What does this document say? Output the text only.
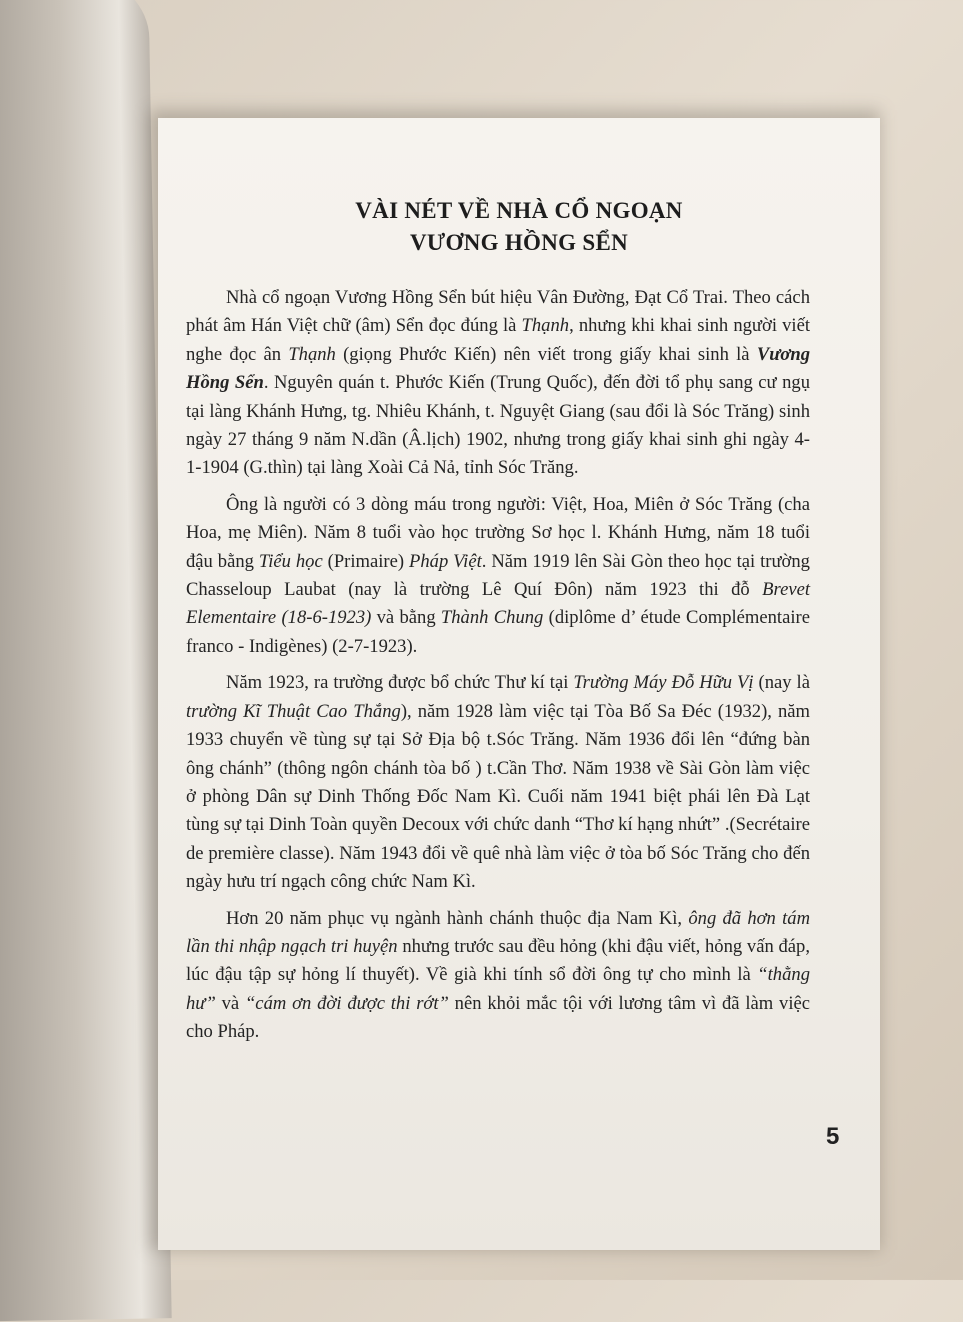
VÀI NÉT VỀ NHÀ CỔ NGOẠN
VƯƠNG HỒNG SỂN

Nhà cổ ngoạn Vương Hồng Sển bút hiệu Vân Đường, Đạt Cổ Trai. Theo cách phát âm Hán Việt chữ (âm) Sển đọc đúng là Thạnh, nhưng khi khai sinh người viết nghe đọc ân Thạnh (giọng Phước Kiến) nên viết trong giấy khai sinh là Vương Hồng Sển. Nguyên quán t. Phước Kiến (Trung Quốc), đến đời tổ phụ sang cư ngụ tại làng Khánh Hưng, tg. Nhiêu Khánh, t. Nguyệt Giang (sau đổi là Sóc Trăng) sinh ngày 27 tháng 9 năm N.dần (Â.lịch) 1902, nhưng trong giấy khai sinh ghi ngày 4-1-1904 (G.thìn) tại làng Xoài Cả Nả, tỉnh Sóc Trăng.

Ông là người có 3 dòng máu trong người: Việt, Hoa, Miên ở Sóc Trăng (cha Hoa, mẹ Miên). Năm 8 tuổi vào học trường Sơ học l. Khánh Hưng, năm 18 tuổi đậu bằng Tiểu học (Primaire) Pháp Việt. Năm 1919 lên Sài Gòn theo học tại trường Chasseloup Laubat (nay là trường Lê Quí Đôn) năm 1923 thi đỗ Brevet Elementaire (18-6-1923) và bằng Thành Chung (diplôme d’ étude Complémentaire franco - Indigènes) (2-7-1923).

Năm 1923, ra trường được bổ chức Thư kí tại Trường Máy Đỗ Hữu Vị (nay là trường Kĩ Thuật Cao Thắng), năm 1928 làm việc tại Tòa Bố Sa Đéc (1932), năm 1933 chuyển về tùng sự tại Sở Địa bộ t.Sóc Trăng. Năm 1936 đổi lên “đứng bàn ông chánh” (thông ngôn chánh tòa bố ) t.Cần Thơ. Năm 1938 về Sài Gòn làm việc ở phòng Dân sự Dinh Thống Đốc Nam Kì. Cuối năm 1941 biệt phái lên Đà Lạt tùng sự tại Dinh Toàn quyền Decoux với chức danh “Thơ kí hạng nhứt” .(Secrétaire de première classe). Năm 1943 đổi về quê nhà làm việc ở tòa bố Sóc Trăng cho đến ngày hưu trí ngạch công chức Nam Kì.

Hơn 20 năm phục vụ ngành hành chánh thuộc địa Nam Kì, ông đã hơn tám lần thi nhập ngạch tri huyện nhưng trước sau đều hỏng (khi đậu viết, hỏng vấn đáp, lúc đậu tập sự hỏng lí thuyết). Về già khi tính sổ đời ông tự cho mình là “thằng hư” và “cám ơn đời được thi rớt” nên khỏi mắc tội với lương tâm vì đã làm việc cho Pháp.

5
